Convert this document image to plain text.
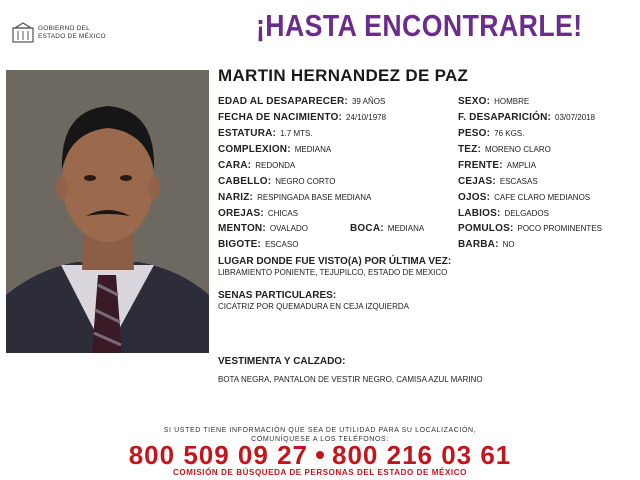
GOBIERNO DEL
ESTADO DE MÉXICO	¡HASTA ENCONTRARLE!
MARTIN HERNANDEZ DE PAZ
EDAD AL DESAPARECER: 39 AÑOS
FECHA DE NACIMIENTO: 24/10/1978
ESTATURA: 1.7 MTS.
COMPLEXION: MEDIANA
CARA: REDONDA
CABELLO: NEGRO CORTO
NARIZ: RESPINGADA BASE MEDIANA
OREJAS: CHICAS
MENTON: OVALADO	BOCA: MEDIANA
BIGOTE: ESCASO
SEXO: HOMBRE
F. DESAPARICIÓN: 03/07/2018
PESO: 76 KGS.
TEZ: MORENO CLARO
FRENTE: AMPLIA
CEJAS: ESCASAS
OJOS: CAFE CLARO MEDIANOS
LABIOS: DELGADOS
POMULOS: POCO PROMINENTES
BARBA: NO
LUGAR DONDE FUE VISTO(A) POR ÚLTIMA VEZ:
LIBRAMIENTO PONIENTE, TEJUPILCO, ESTADO DE MEXICO
SENAS PARTICULARES:
CICATRIZ POR QUEMADURA EN CEJA IZQUIERDA
VESTIMENTA Y CALZADO:
BOTA NEGRA, PANTALON DE VESTIR NEGRO, CAMISA AZUL MARINO
SI USTED TIENE INFORMACIÓN QUE SEA DE UTILIDAD PARA SU LOCALIZACIÓN,
COMUNÍQUESE A LOS TELÉFONOS:
800 509 09 27 800 216 03 61
COMISIÓN DE BÚSQUEDA DE PERSONAS DEL ESTADO DE MÉXICO
